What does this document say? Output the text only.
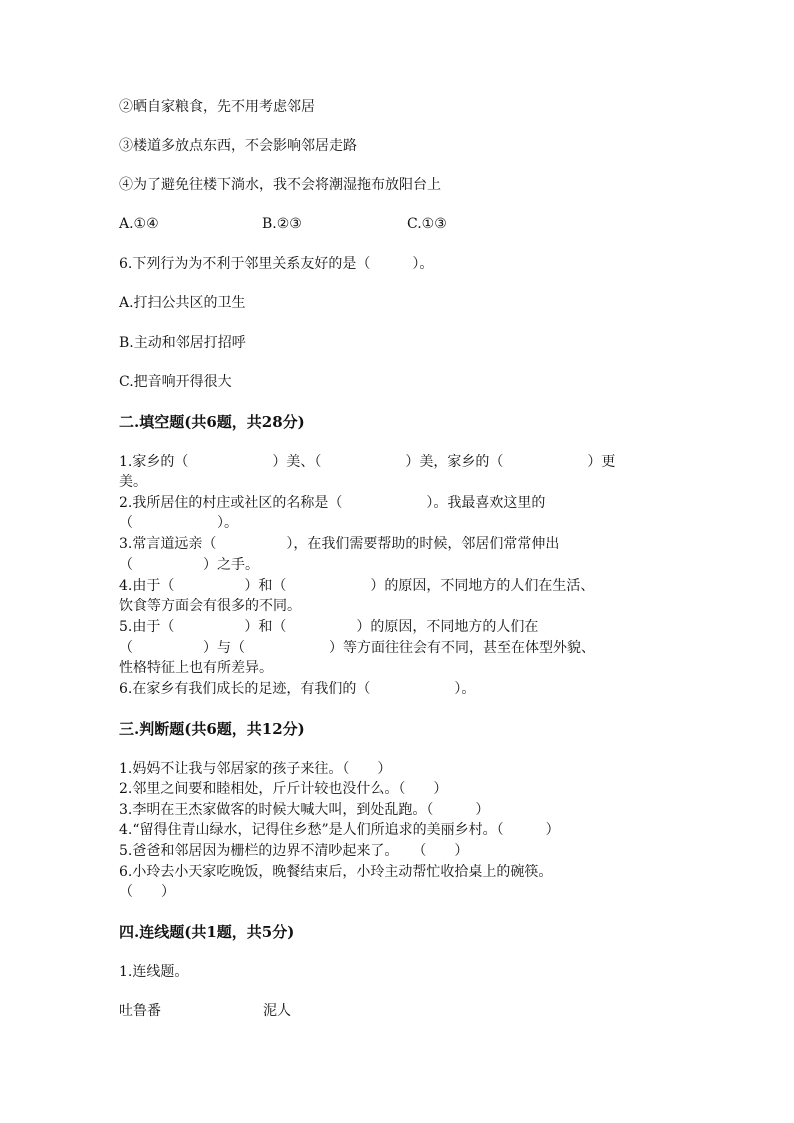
②晒自家粮食，先不用考虑邻居
③楼道多放点东西，不会影响邻居走路
④为了避免往楼下淌水，我不会将潮湿拖布放阳台上
A.①④	B.②③	C.①③
6.下列行为为不利于邻里关系友好的是（　　　）。
A.打扫公共区的卫生
B.主动和邻居打招呼
C.把音响开得很大
二.填空题(共6题，共28分)
1.家乡的（　　　　　　）美、（　　　　　　）美，家乡的（　　　　　　）更
美。
2.我所居住的村庄或社区的名称是（　　　　　　）。我最喜欢这里的
（　　　　　　）。
3.常言道远亲（　　　　　），在我们需要帮助的时候，邻居们常常伸出
（　　　　　）之手。
4.由于（　　　　　）和（　　　　　　）的原因，不同地方的人们在生活、
饮食等方面会有很多的不同。
5.由于（　　　　　）和（　　　　　）的原因，不同地方的人们在
（　　　　　）与（　　　　　　）等方面往往会有不同，甚至在体型外貌、
性格特征上也有所差异。
6.在家乡有我们成长的足迹，有我们的（　　　　　　）。
三.判断题(共6题，共12分)
1.妈妈不让我与邻居家的孩子来往。（　　）
2.邻里之间要和睦相处，斤斤计较也没什么。（　　）
3.李明在王杰家做客的时候大喊大叫，到处乱跑。（　　　）
4.“留得住青山绿水，记得住乡愁”是人们所追求的美丽乡村。（　　　）
5.爸爸和邻居因为栅栏的边界不清吵起来了。　　（　　）
6.小玲去小天家吃晚饭，晚餐结束后，小玲主动帮忙收拾桌上的碗筷。
（　　）
四.连线题(共1题，共5分)
1.连线题。
吐鲁番	泥人
